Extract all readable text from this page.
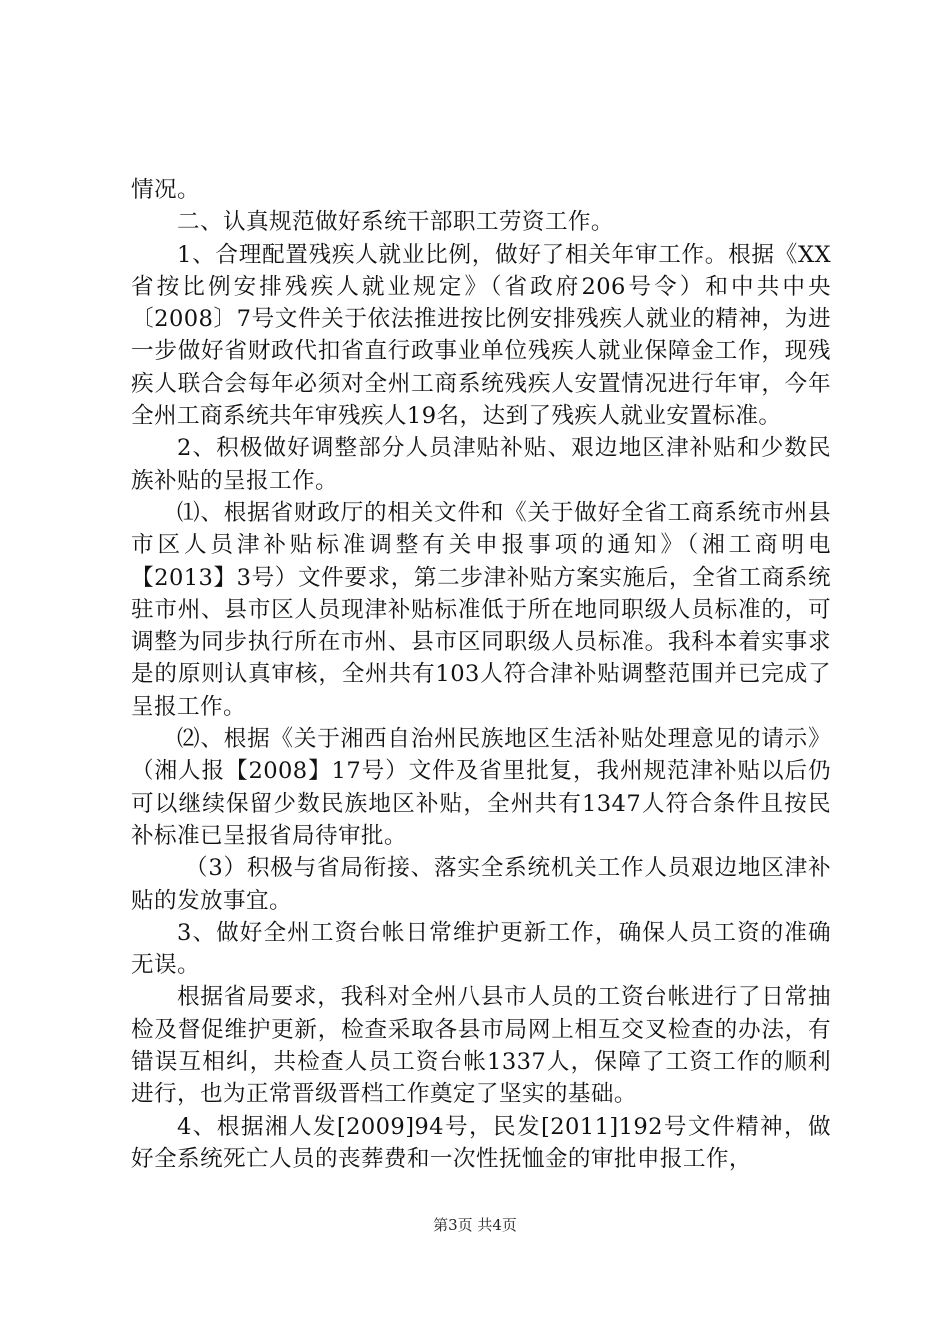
情况。

二、认真规范做好系统干部职工劳资工作。

1、合理配置残疾人就业比例，做好了相关年审工作。根据《XX省按比例安排残疾人就业规定》（省政府206号令）和中共中央〔2008〕7号文件关于依法推进按比例安排残疾人就业的精神，为进一步做好省财政代扣省直行政事业单位残疾人就业保障金工作，现残疾人联合会每年必须对全州工商系统残疾人安置情况进行年审，今年全州工商系统共年审残疾人19名，达到了残疾人就业安置标准。

2、积极做好调整部分人员津贴补贴、艰边地区津补贴和少数民族补贴的呈报工作。

⑴、根据省财政厅的相关文件和《关于做好全省工商系统市州县市区人员津补贴标准调整有关申报事项的通知》（湘工商明电【2013】3号）文件要求，第二步津补贴方案实施后，全省工商系统驻市州、县市区人员现津补贴标准低于所在地同职级人员标准的，可调整为同步执行所在市州、县市区同职级人员标准。我科本着实事求是的原则认真审核，全州共有103人符合津补贴调整范围并已完成了呈报工作。

⑵、根据《关于湘西自治州民族地区生活补贴处理意见的请示》（湘人报【2008】17号）文件及省里批复，我州规范津补贴以后仍可以继续保留少数民族地区补贴，全州共有1347人符合条件且按民补标准已呈报省局待审批。

（3）积极与省局衔接、落实全系统机关工作人员艰边地区津补贴的发放事宜。

3、做好全州工资台帐日常维护更新工作，确保人员工资的准确无误。

根据省局要求，我科对全州八县市人员的工资台帐进行了日常抽检及督促维护更新，检查采取各县市局网上相互交叉检查的办法，有错误互相纠，共检查人员工资台帐1337人，保障了工资工作的顺利进行，也为正常晋级晋档工作奠定了坚实的基础。

4、根据湘人发[2009]94号，民发[2011]192号文件精神，做好全系统死亡人员的丧葬费和一次性抚恤金的审批申报工作，

第3页 共4页
